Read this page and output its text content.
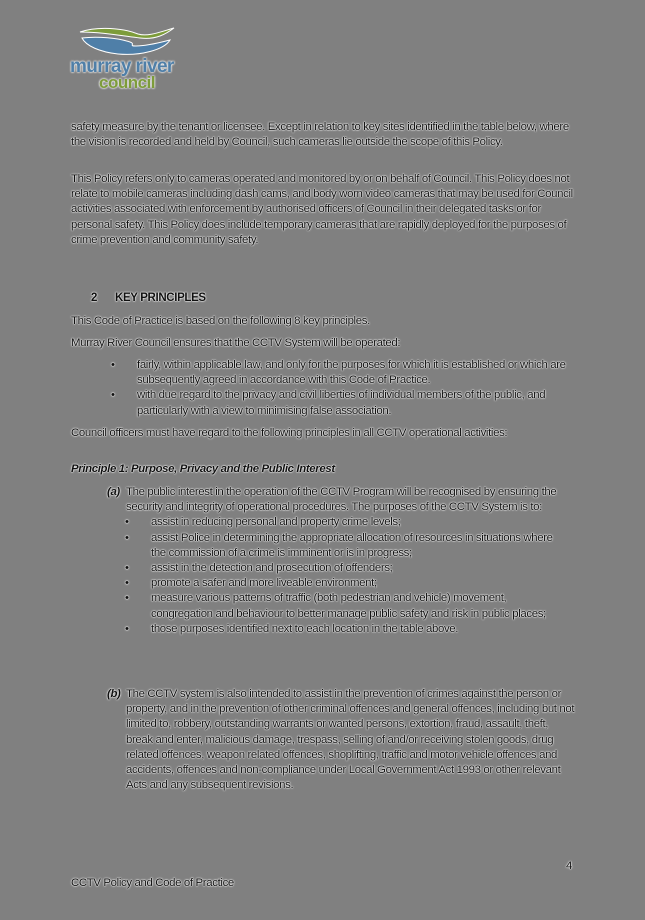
murray river
council

safety measure by the tenant or licensee. Except in relation to key sites identified in the table below, where the vision is recorded and held by Council, such cameras lie outside the scope of this Policy.

This Policy refers only to cameras operated and monitored by or on behalf of Council. This Policy does not relate to mobile cameras including dash cams, and body worn video cameras that may be used for Council activities associated with enforcement by authorised officers of Council in their delegated tasks or for personal safety. This Policy does include temporary cameras that are rapidly deployed for the purposes of crime prevention and community safety.

2 KEY PRINCIPLES

This Code of Practice is based on the following 8 key principles.

Murray River Council ensures that the CCTV System will be operated:

• fairly, within applicable law, and only for the purposes for which it is established or which are subsequently agreed in accordance with this Code of Practice.
• with due regard to the privacy and civil liberties of individual members of the public, and particularly with a view to minimising false association.

Council officers must have regard to the following principles in all CCTV operational activities:

Principle 1: Purpose, Privacy and the Public Interest
(a) The public interest in the operation of the CCTV Program will be recognised by ensuring the security and integrity of operational procedures. The purposes of the CCTV System is to:
• assist in reducing personal and property crime levels;
• assist Police in determining the appropriate allocation of resources in situations where the commission of a crime is imminent or is in progress;
• assist in the detection and prosecution of offenders;
• promote a safer and more liveable environment;
• measure various patterns of traffic (both pedestrian and vehicle) movement, congregation and behaviour to better manage public safety and risk in public places;
• those purposes identified next to each location in the table above.
(b) The CCTV system is also intended to assist in the prevention of crimes against the person or property, and in the prevention of other criminal offences and general offences, including but not limited to, robbery, outstanding warrants or wanted persons, extortion, fraud, assault, theft, break and enter, malicious damage, trespass, selling of and/or receiving stolen goods, drug related offences, weapon related offences, shoplifting, traffic and motor vehicle offences and accidents, offences and non-compliance under Local Government Act 1993 or other relevant Acts and any subsequent revisions.
4
CCTV Policy and Code of Practice
